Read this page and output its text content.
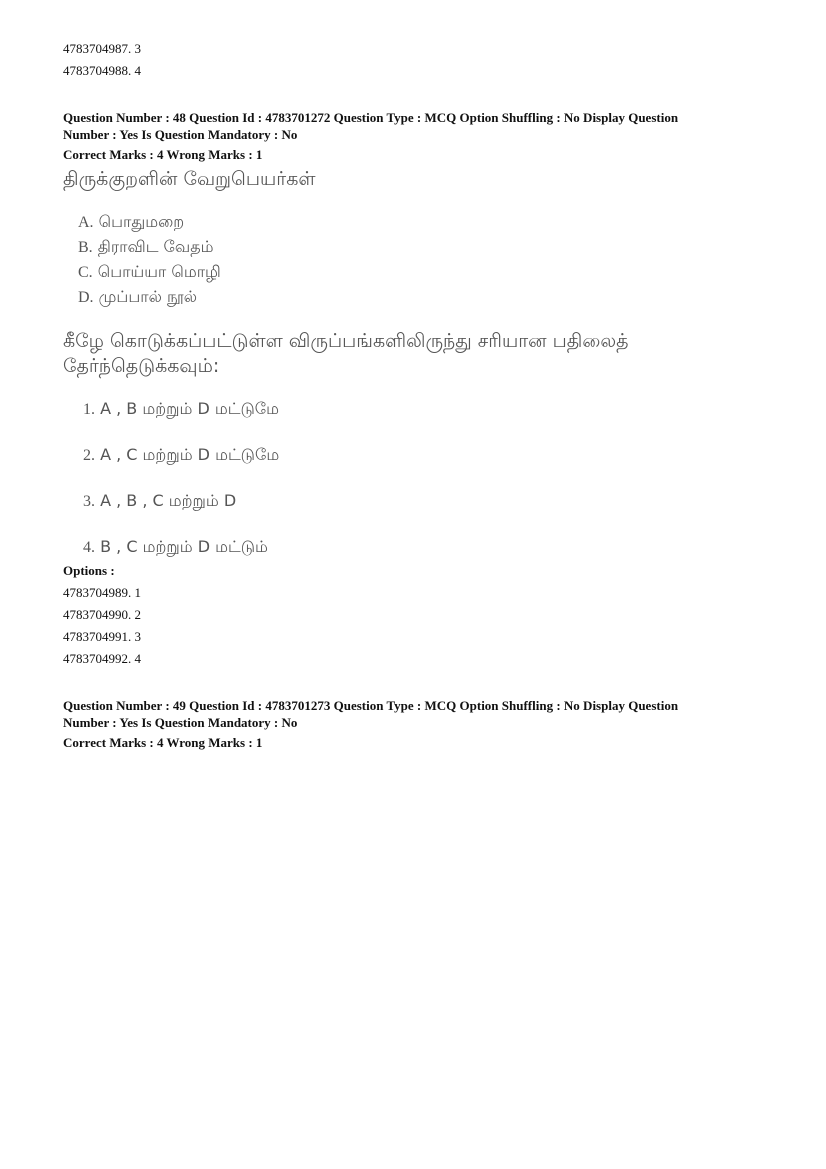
4783704987. 3
4783704988. 4
Question Number : 48 Question Id : 4783701272 Question Type : MCQ Option Shuffling : No Display Question
Number : Yes Is Question Mandatory : No
Correct Marks : 4 Wrong Marks : 1
திருக்குறளின் வேறுபெயர்கள்
A. பொதுமறை
B. திராவிட வேதம்
C. பொய்யா மொழி
D. முப்பால் நூல்
கீழே கொடுக்கப்பட்டுள்ள விருப்பங்களிலிருந்து சரியான பதிலைத்
தேர்ந்தெடுக்கவும்:
1. A , B மற்றும் D மட்டுமே
2. A , C மற்றும் D மட்டுமே
3. A , B , C மற்றும் D
4. B , C மற்றும் D மட்டும்
Options :
4783704989. 1
4783704990. 2
4783704991. 3
4783704992. 4
Question Number : 49 Question Id : 4783701273 Question Type : MCQ Option Shuffling : No Display Question
Number : Yes Is Question Mandatory : No
Correct Marks : 4 Wrong Marks : 1
